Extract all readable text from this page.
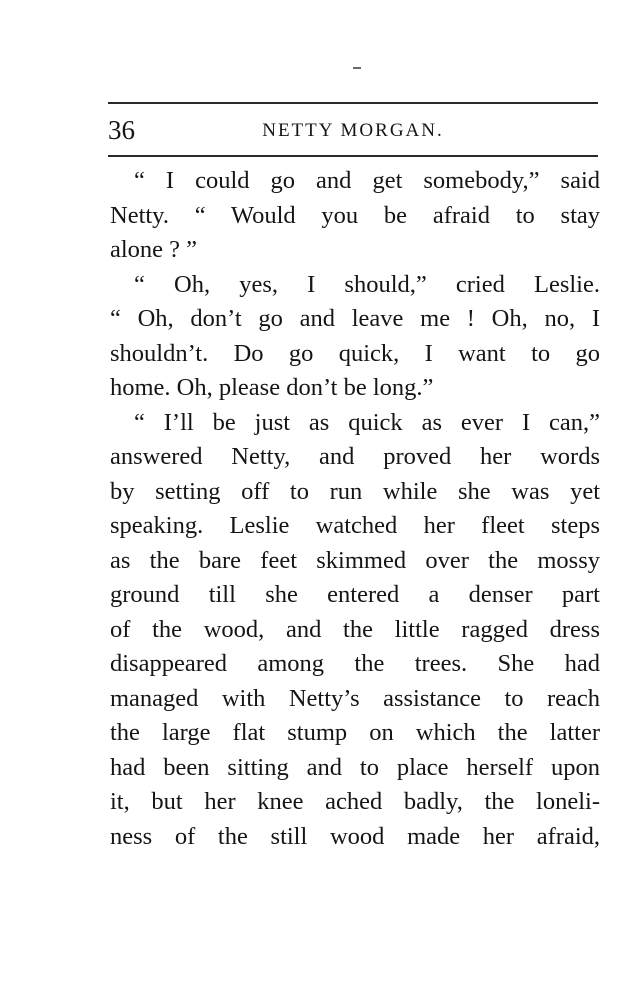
36	NETTY MORGAN.
“ I could go and get somebody,” said
Netty. “ Would you be afraid to stay
alone ? ”
“ Oh, yes, I should,” cried Leslie.
“ Oh, don’t go and leave me ! Oh, no, I
shouldn’t. Do go quick, I want to go
home. Oh, please don’t be long.”
“ I’ll be just as quick as ever I can,”
answered Netty, and proved her words
by setting off to run while she was yet
speaking. Leslie watched her fleet steps
as the bare feet skimmed over the mossy
ground till she entered a denser part
of the wood, and the little ragged dress
disappeared among the trees. She had
managed with Netty’s assistance to reach
the large flat stump on which the latter
had been sitting and to place herself upon
it, but her knee ached badly, the loneli-
ness of the still wood made her afraid,
